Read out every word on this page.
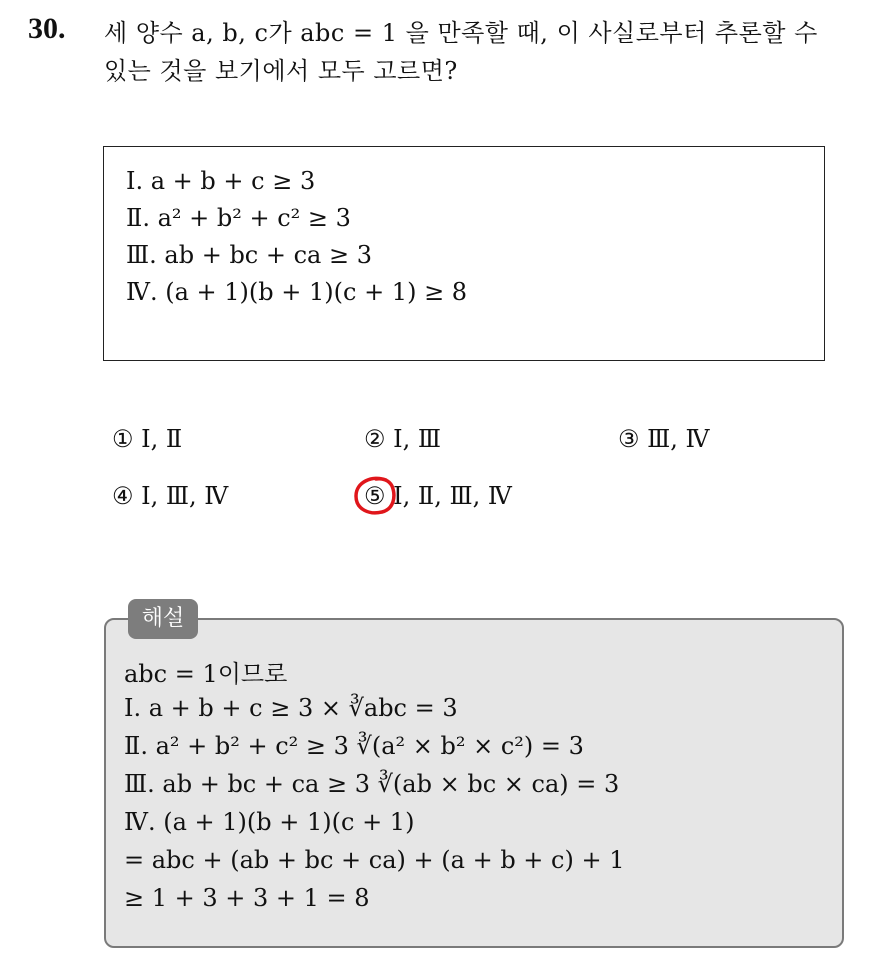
30. 세 양수 a, b, c가 abc = 1 을 만족할 때, 이 사실로부터 추론할 수
있는 것을 보기에서 모두 고르면?
Ⅰ. a + b + c ≥ 3
Ⅱ. a² + b² + c² ≥ 3
Ⅲ. ab + bc + ca ≥ 3
Ⅳ. (a + 1)(b + 1)(c + 1) ≥ 8
① Ⅰ, Ⅱ	② Ⅰ, Ⅲ	③ Ⅲ, Ⅳ
④ Ⅰ, Ⅲ, Ⅳ	⑤ Ⅰ, Ⅱ, Ⅲ, Ⅳ
해설
abc = 1이므로
Ⅰ. a + b + c ≥ 3 × ∛abc = 3
Ⅱ. a² + b² + c² ≥ 3 ∛(a² × b² × c²) = 3
Ⅲ. ab + bc + ca ≥ 3 ∛(ab × bc × ca) = 3
Ⅳ. (a + 1)(b + 1)(c + 1)
= abc + (ab + bc + ca) + (a + b + c) + 1
≥ 1 + 3 + 3 + 1 = 8
